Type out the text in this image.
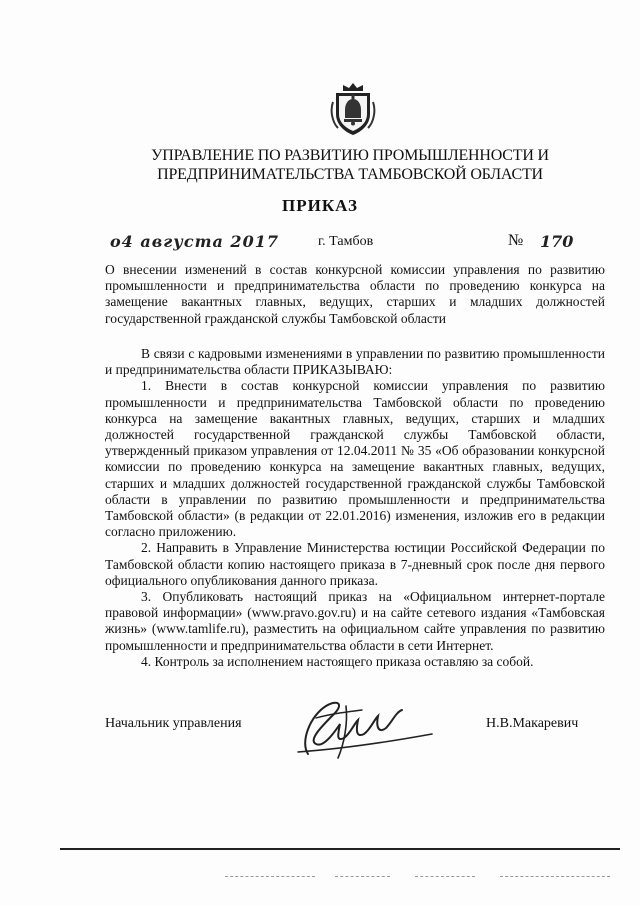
УПРАВЛЕНИЕ ПО РАЗВИТИЮ ПРОМЫШЛЕННОСТИ И
ПРЕДПРИНИМАТЕЛЬСТВА ТАМБОВСКОЙ ОБЛАСТИ
ПРИКАЗ
о4 августа 2017	г. Тамбов	№ 170
О внесении изменений в состав конкурсной комиссии управления по развитию промышленности и предпринимательства области по проведению конкурса на замещение вакантных главных, ведущих, старших и младших должностей государственной гражданской службы Тамбовской области

В связи с кадровыми изменениями в управлении по развитию промышленности и предпринимательства области ПРИКАЗЫВАЮ:

1. Внести в состав конкурсной комиссии управления по развитию промышленности и предпринимательства Тамбовской области по проведению конкурса на замещение вакантных главных, ведущих, старших и младших должностей государственной гражданской службы Тамбовской области, утвержденный приказом управления от 12.04.2011 № 35 «Об образовании конкурсной комиссии по проведению конкурса на замещение вакантных главных, ведущих, старших и младших должностей государственной гражданской службы Тамбовской области в управлении по развитию промышленности и предпринимательства Тамбовской области» (в редакции от 22.01.2016) изменения, изложив его в редакции согласно приложению.

2. Направить в Управление Министерства юстиции Российской Федерации по Тамбовской области копию настоящего приказа в 7-дневный срок после дня первого официального опубликования данного приказа.

3. Опубликовать настоящий приказ на «Официальном интернет-портале правовой информации» (www.pravo.gov.ru) и на сайте сетевого издания «Тамбовская жизнь» (www.tamlife.ru), разместить на официальном сайте управления по развитию промышленности и предпринимательства области в сети Интернет.

4. Контроль за исполнением настоящего приказа оставляю за собой.

Начальник управления	Н.В.Макаревич
